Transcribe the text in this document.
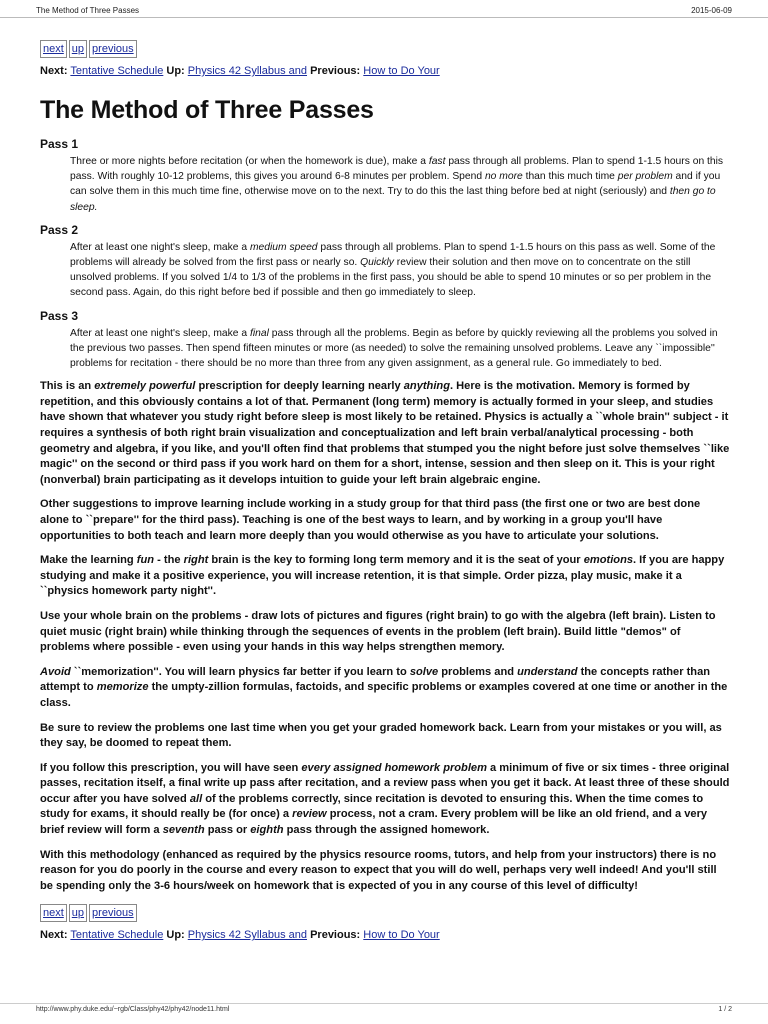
The Method of Three Passes	2015-06-09
next up previous
Next: Tentative Schedule Up: Physics 42 Syllabus and Previous: How to Do Your
The Method of Three Passes
Pass 1
Three or more nights before recitation (or when the homework is due), make a fast pass through all problems. Plan to spend 1-1.5 hours on this pass. With roughly 10-12 problems, this gives you around 6-8 minutes per problem. Spend no more than this much time per problem and if you can solve them in this much time fine, otherwise move on to the next. Try to do this the last thing before bed at night (seriously) and then go to sleep.
Pass 2
After at least one night's sleep, make a medium speed pass through all problems. Plan to spend 1-1.5 hours on this pass as well. Some of the problems will already be solved from the first pass or nearly so. Quickly review their solution and then move on to concentrate on the still unsolved problems. If you solved 1/4 to 1/3 of the problems in the first pass, you should be able to spend 10 minutes or so per problem in the second pass. Again, do this right before bed if possible and then go immediately to sleep.
Pass 3
After at least one night's sleep, make a final pass through all the problems. Begin as before by quickly reviewing all the problems you solved in the previous two passes. Then spend fifteen minutes or more (as needed) to solve the remaining unsolved problems. Leave any ``impossible'' problems for recitation - there should be no more than three from any given assignment, as a general rule. Go immediately to bed.

This is an extremely powerful prescription for deeply learning nearly anything. Here is the motivation. Memory is formed by repetition, and this obviously contains a lot of that. Permanent (long term) memory is actually formed in your sleep, and studies have shown that whatever you study right before sleep is most likely to be retained. Physics is actually a ``whole brain'' subject - it requires a synthesis of both right brain visualization and conceptualization and left brain verbal/analytical processing - both geometry and algebra, if you like, and you'll often find that problems that stumped you the night before just solve themselves ``like magic'' on the second or third pass if you work hard on them for a short, intense, session and then sleep on it. This is your right (nonverbal) brain participating as it develops intuition to guide your left brain algebraic engine.

Other suggestions to improve learning include working in a study group for that third pass (the first one or two are best done alone to ``prepare'' for the third pass). Teaching is one of the best ways to learn, and by working in a group you'll have opportunities to both teach and learn more deeply than you would otherwise as you have to articulate your solutions.

Make the learning fun - the right brain is the key to forming long term memory and it is the seat of your emotions. If you are happy studying and make it a positive experience, you will increase retention, it is that simple. Order pizza, play music, make it a ``physics homework party night''.

Use your whole brain on the problems - draw lots of pictures and figures (right brain) to go with the algebra (left brain). Listen to quiet music (right brain) while thinking through the sequences of events in the problem (left brain). Build little "demos" of problems where possible - even using your hands in this way helps strengthen memory.

Avoid ``memorization''. You will learn physics far better if you learn to solve problems and understand the concepts rather than attempt to memorize the umpty-zillion formulas, factoids, and specific problems or examples covered at one time or another in the class.

Be sure to review the problems one last time when you get your graded homework back. Learn from your mistakes or you will, as they say, be doomed to repeat them.

If you follow this prescription, you will have seen every assigned homework problem a minimum of five or six times - three original passes, recitation itself, a final write up pass after recitation, and a review pass when you get it back. At least three of these should occur after you have solved all of the problems correctly, since recitation is devoted to ensuring this. When the time comes to study for exams, it should really be (for once) a review process, not a cram. Every problem will be like an old friend, and a very brief review will form a seventh pass or eighth pass through the assigned homework.

With this methodology (enhanced as required by the physics resource rooms, tutors, and help from your instructors) there is no reason for you do poorly in the course and every reason to expect that you will do well, perhaps very well indeed! And you'll still be spending only the 3-6 hours/week on homework that is expected of you in any course of this level of difficulty!

next up previous
Next: Tentative Schedule Up: Physics 42 Syllabus and Previous: How to Do Your
http://www.phy.duke.edu/~rgb/Class/phy42/phy42/node11.html	1 / 2
